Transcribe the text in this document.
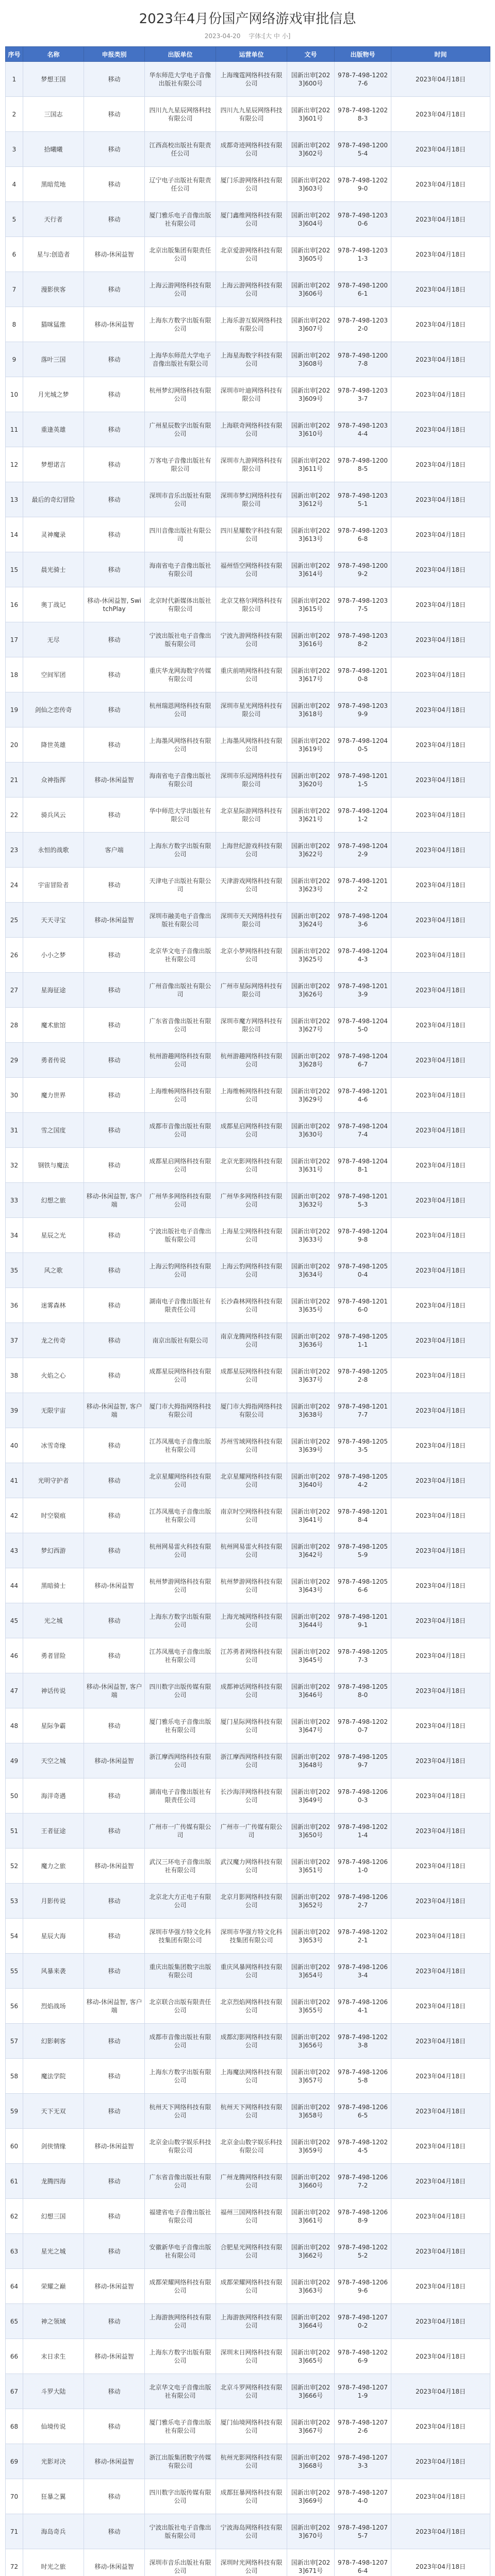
2023年4月份国产网络游戏审批信息
2023-04-20 字体:[大 中 小]
序号	名称	申报类别	出版单位	运营单位	文号	出版物号	时间
1	梦想王国	移动	华东师范大学电子音像出版社有限公司	上海瑰霆网络科技有限公司	国新出审[2023]600号	978-7-498-12027-6	2023年04月18日
2	三国志	移动	四川九九星辰网络科技有限公司	四川九九星辰网络科技有限公司	国新出审[2023]601号	978-7-498-12028-3	2023年04月18日
3	拾曦曦	移动	江西高校出版社有限责任公司	成都奇迹网络科技有限公司	国新出审[2023]602号	978-7-498-12005-4	2023年04月18日
4	黑暗荒地	移动	辽宁电子出版社有限责任公司	厦门乐游网络科技有限公司	国新出审[2023]603号	978-7-498-12029-0	2023年04月18日
5	天行者	移动	厦门雅乐电子音像出版社有限公司	厦门鑫维网络科技有限公司	国新出审[2023]604号	978-7-498-12030-6	2023年04月18日
6	星与:创造者	移动-休闲益智	北京出版集团有限责任公司	北京爱游网络科技有限公司	国新出审[2023]605号	978-7-498-12031-3	2023年04月18日
7	漫影侠客	移动	上海云游网络科技有限公司	上海云游网络科技有限公司	国新出审[2023]606号	978-7-498-12006-1	2023年04月18日
8	猫咪猛推	移动-休闲益智	上海东方数字出版有限公司	上海乐游互娱网络科技有限公司	国新出审[2023]607号	978-7-498-12032-0	2023年04月18日
9	落叶三国	移动	上海华东师范大学电子音像出版社有限公司	上海星海数字科技有限公司	国新出审[2023]608号	978-7-498-12007-8	2023年04月18日
10	月光城之梦	移动	杭州梦幻网络科技有限公司	深圳市叶迪网络科技有限公司	国新出审[2023]609号	978-7-498-12033-7	2023年04月18日
11	重逢英雄	移动	广州星辰数字出版有限公司	上海联奇网络科技有限公司	国新出审[2023]610号	978-7-498-12034-4	2023年04月18日
12	梦想诺言	移动	万客电子音像出版社有限公司	深圳市九游网络科技有限公司	国新出审[2023]611号	978-7-498-12008-5	2023年04月18日
13	最后的奇幻冒险	移动	深圳市音乐出版社有限公司	深圳市梦幻网络科技有限公司	国新出审[2023]612号	978-7-498-12035-1	2023年04月18日
14	灵神魔录	移动	四川音像出版社有限公司	四川星耀数字科技有限公司	国新出审[2023]613号	978-7-498-12036-8	2023年04月18日
15	晨光骑士	移动	海南省电子音像出版社有限公司	福州悟空网络科技有限公司	国新出审[2023]614号	978-7-498-12009-2	2023年04月18日
16	奥丁战记	移动-休闲益智, SwitchPlay	北京时代新媒体出版社有限公司	北京艾格尔网络科技有限公司	国新出审[2023]615号	978-7-498-12037-5	2023年04月18日
17	无尽	移动	宁波出版社电子音像出版有限公司	宁波九游网络科技有限公司	国新出审[2023]616号	978-7-498-12038-2	2023年04月18日
18	空间军团	移动	重庆华龙网海数字传媒有限公司	重庆前哨网络科技有限公司	国新出审[2023]617号	978-7-498-12010-8	2023年04月18日
19	剑仙之恋传奇	移动	杭州瑞恩网络科技有限公司	深圳市星光网络科技有限公司	国新出审[2023]618号	978-7-498-12039-9	2023年04月18日
20	降世英雄	移动	上海墨风网络科技有限公司	上海墨风网络科技有限公司	国新出审[2023]619号	978-7-498-12040-5	2023年04月18日
21	众神指挥	移动-休闲益智	海南省电子音像出版社有限公司	深圳市乐逗网络科技有限公司	国新出审[2023]620号	978-7-498-12011-5	2023年04月18日
22	骑兵风云	移动	华中师范大学出版社有限公司	北京星际游网络科技有限公司	国新出审[2023]621号	978-7-498-12041-2	2023年04月18日
23	永恒的战歌	客户端	上海东方数字出版有限公司	上海世纪游戏科技有限公司	国新出审[2023]622号	978-7-498-12042-9	2023年04月18日
24	宇宙冒险者	移动	天津电子出版社有限公司	天津游戏网络科技有限公司	国新出审[2023]623号	978-7-498-12012-2	2023年04月18日
25	天天寻宝	移动-休闲益智	深圳市融美电子音像出版社有限公司	深圳市天天网络科技有限公司	国新出审[2023]624号	978-7-498-12043-6	2023年04月18日
26	小小之梦	移动	北京华文电子音像出版社有限公司	北京小梦网络科技有限公司	国新出审[2023]625号	978-7-498-12044-3	2023年04月18日
27	星海征途	移动	广州音像出版社有限公司	广州市星际网络科技有限公司	国新出审[2023]626号	978-7-498-12013-9	2023年04月18日
28	魔术旅馆	移动	广东省音像出版社有限公司	深圳市魔方网络科技有限公司	国新出审[2023]627号	978-7-498-12045-0	2023年04月18日
29	勇者传说	移动	杭州游趣网络科技有限公司	杭州游趣网络科技有限公司	国新出审[2023]628号	978-7-498-12046-7	2023年04月18日
30	魔力世界	移动	上海维畅网络科技有限公司	上海维畅网络科技有限公司	国新出审[2023]629号	978-7-498-12014-6	2023年04月18日
31	雪之国度	移动	成都市音像出版社有限公司	成都星启网络科技有限公司	国新出审[2023]630号	978-7-498-12047-4	2023年04月18日
32	钢铁与魔法	移动	成都星启网络科技有限公司	北京光影网络科技有限公司	国新出审[2023]631号	978-7-498-12048-1	2023年04月18日
33	幻想之旅	移动-休闲益智, 客户端	广州华多网络科技有限公司	广州华多网络科技有限公司	国新出审[2023]632号	978-7-498-12015-3	2023年04月18日
34	星辰之光	移动	宁波出版社电子音像出版有限公司	上海星尘网络科技有限公司	国新出审[2023]633号	978-7-498-12049-8	2023年04月18日
35	风之歌	移动	上海云豹网络科技有限公司	上海云豹网络科技有限公司	国新出审[2023]634号	978-7-498-12050-4	2023年04月18日
36	迷雾森林	移动	湖南电子音像出版社有限责任公司	长沙森林网络科技有限公司	国新出审[2023]635号	978-7-498-12016-0	2023年04月18日
37	龙之传奇	移动	南京出版社有限公司	南京龙腾网络科技有限公司	国新出审[2023]636号	978-7-498-12051-1	2023年04月18日
38	火焰之心	移动	成都星辰网络科技有限公司	成都星辰网络科技有限公司	国新出审[2023]637号	978-7-498-12052-8	2023年04月18日
39	无限宇宙	移动-休闲益智, 客户端	厦门市大拇指网络科技有限公司	厦门市大拇指网络科技有限公司	国新出审[2023]638号	978-7-498-12017-7	2023年04月18日
40	冰雪奇缘	移动	江苏凤凰电子音像出版社有限公司	苏州雪域网络科技有限公司	国新出审[2023]639号	978-7-498-12053-5	2023年04月18日
41	光明守护者	移动	北京星耀网络科技有限公司	北京星耀网络科技有限公司	国新出审[2023]640号	978-7-498-12054-2	2023年04月18日
42	时空裂痕	移动	江苏凤凰电子音像出版社有限公司	南京时空网络科技有限公司	国新出审[2023]641号	978-7-498-12018-4	2023年04月18日
43	梦幻西游	移动	杭州网易雷火科技有限公司	杭州网易雷火科技有限公司	国新出审[2023]642号	978-7-498-12055-9	2023年04月18日
44	黑暗骑士	移动-休闲益智	杭州梦游网络科技有限公司	杭州梦游网络科技有限公司	国新出审[2023]643号	978-7-498-12056-6	2023年04月18日
45	光之城	移动	上海东方数字出版有限公司	上海光城网络科技有限公司	国新出审[2023]644号	978-7-498-12019-1	2023年04月18日
46	勇者冒险	移动	江苏凤凰电子音像出版社有限公司	江苏勇者网络科技有限公司	国新出审[2023]645号	978-7-498-12057-3	2023年04月18日
47	神话传说	移动-休闲益智, 客户端	四川数字出版传媒有限公司	成都神话网络科技有限公司	国新出审[2023]646号	978-7-498-12058-0	2023年04月18日
48	星际争霸	移动	厦门雅乐电子音像出版社有限公司	厦门星际网络科技有限公司	国新出审[2023]647号	978-7-498-12020-7	2023年04月18日
49	天空之城	移动-休闲益智	浙江摩西网络科技有限公司	浙江摩西网络科技有限公司	国新出审[2023]648号	978-7-498-12059-7	2023年04月18日
50	海洋奇遇	移动	湖南电子音像出版社有限责任公司	长沙海洋网络科技有限公司	国新出审[2023]649号	978-7-498-12060-3	2023年04月18日
51	王者征途	移动	广州市一广传媒有限公司	广州市一广传媒有限公司	国新出审[2023]650号	978-7-498-12021-4	2023年04月18日
52	魔力之旅	移动-休闲益智	武汉三环电子音像出版社有限公司	武汉魔力网络科技有限公司	国新出审[2023]651号	978-7-498-12061-0	2023年04月18日
53	月影传说	移动	北京北大方正电子有限公司	北京月影网络科技有限公司	国新出审[2023]652号	978-7-498-12062-7	2023年04月18日
54	星辰大海	移动	深圳市华强方特文化科技集团有限公司	深圳市华强方特文化科技集团有限公司	国新出审[2023]653号	978-7-498-12022-1	2023年04月18日
55	风暴来袭	移动	重庆出版集团数字出版有限公司	重庆风暴网络科技有限公司	国新出审[2023]654号	978-7-498-12063-4	2023年04月18日
56	烈焰战场	移动-休闲益智, 客户端	北京联合出版有限责任公司	北京烈焰网络科技有限公司	国新出审[2023]655号	978-7-498-12064-1	2023年04月18日
57	幻影刺客	移动	成都市音像出版社有限公司	成都幻影网络科技有限公司	国新出审[2023]656号	978-7-498-12023-8	2023年04月18日
58	魔法学院	移动	上海东方数字出版有限公司	上海魔法网络科技有限公司	国新出审[2023]657号	978-7-498-12065-8	2023年04月18日
59	天下无双	移动	杭州天下网络科技有限公司	杭州天下网络科技有限公司	国新出审[2023]658号	978-7-498-12066-5	2023年04月18日
60	剑侠情缘	移动-休闲益智	北京金山数字娱乐科技有限公司	北京金山数字娱乐科技有限公司	国新出审[2023]659号	978-7-498-12024-5	2023年04月18日
61	龙腾四海	移动	广东省音像出版社有限公司	广州龙腾网络科技有限公司	国新出审[2023]660号	978-7-498-12067-2	2023年04月18日
62	幻想三国	移动	福建省电子音像出版社有限公司	福州三国网络科技有限公司	国新出审[2023]661号	978-7-498-12068-9	2023年04月18日
63	星光之城	移动	安徽新华电子音像出版社有限公司	合肥星光网络科技有限公司	国新出审[2023]662号	978-7-498-12025-2	2023年04月18日
64	荣耀之巅	移动-休闲益智	成都荣耀网络科技有限公司	成都荣耀网络科技有限公司	国新出审[2023]663号	978-7-498-12069-6	2023年04月18日
65	神之领域	移动	上海游族网络科技有限公司	上海游族网络科技有限公司	国新出审[2023]664号	978-7-498-12070-2	2023年04月18日
66	末日求生	移动-休闲益智	上海东方数字出版有限公司	深圳末日网络科技有限公司	国新出审[2023]665号	978-7-498-12026-9	2023年04月18日
67	斗罗大陆	移动	北京华文电子音像出版社有限公司	北京斗罗网络科技有限公司	国新出审[2023]666号	978-7-498-12071-9	2023年04月18日
68	仙境传说	移动	厦门雅乐电子音像出版社有限公司	厦门仙境网络科技有限公司	国新出审[2023]667号	978-7-498-12072-6	2023年04月18日
69	光影对决	移动-休闲益智	浙江出版集团数字传媒有限公司	杭州光影网络科技有限公司	国新出审[2023]668号	978-7-498-12073-3	2023年04月18日
70	狂暴之翼	移动	四川数字出版传媒有限公司	成都狂暴网络科技有限公司	国新出审[2023]669号	978-7-498-12074-0	2023年04月18日
71	海岛奇兵	移动	宁波出版社电子音像出版有限公司	宁波海岛网络科技有限公司	国新出审[2023]670号	978-7-498-12075-7	2023年04月18日
72	时光之旅	移动-休闲益智	深圳市音乐出版社有限公司	深圳时光网络科技有限公司	国新出审[2023]671号	978-7-498-12076-4	2023年04月18日
